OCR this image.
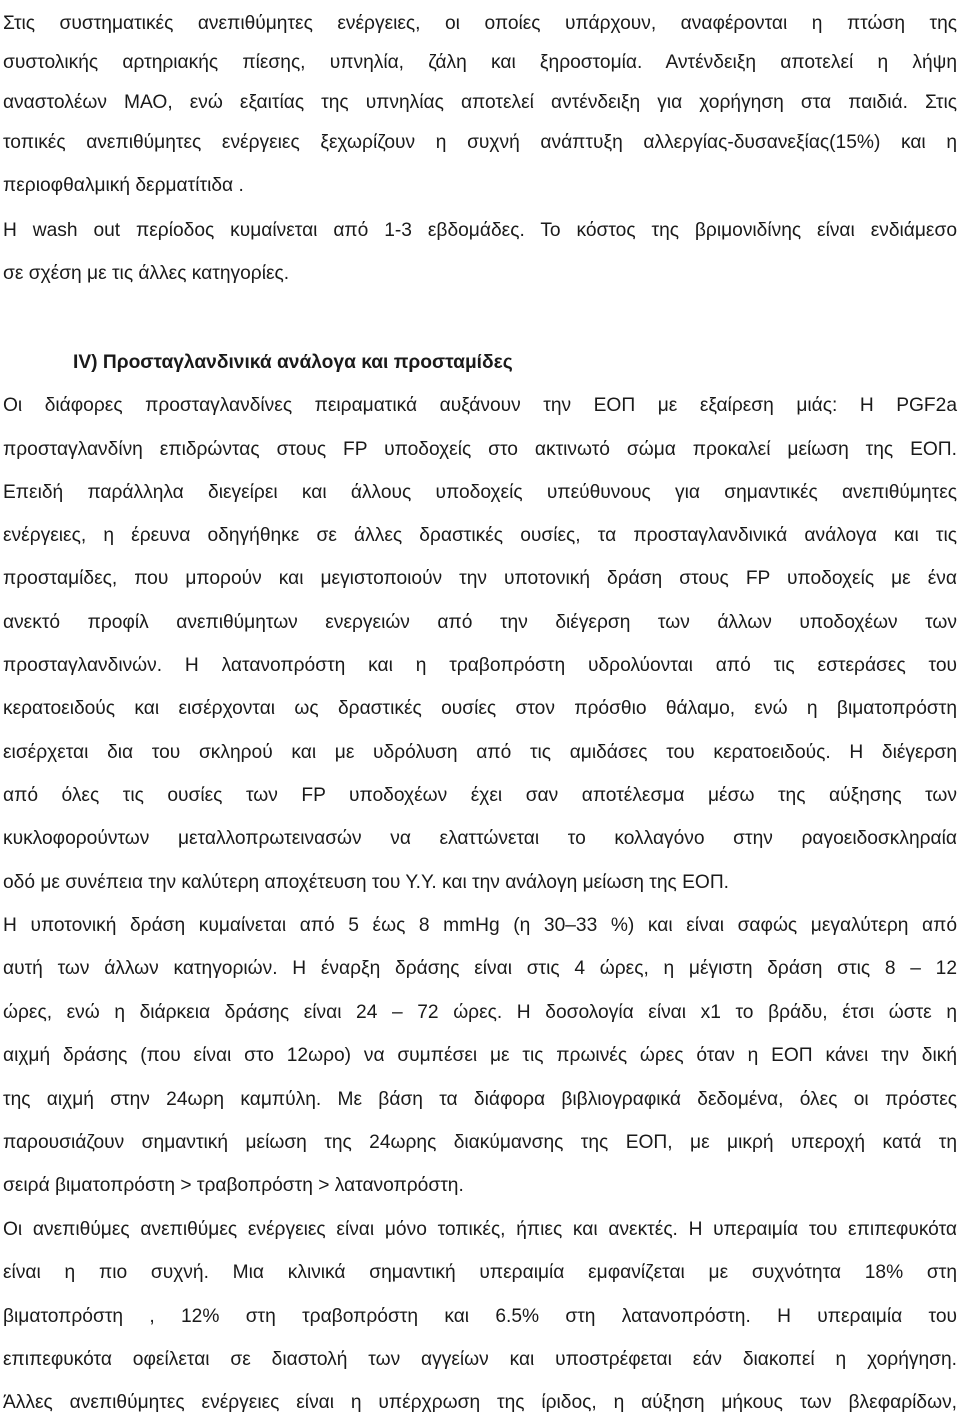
Στις συστηματικές ανεπιθύμητες ενέργειες, οι οποίες υπάρχουν, αναφέρονται η πτώση της
συστολικής αρτηριακής πίεσης, υπνηλία, ζάλη και ξηροστομία. Αντένδειξη αποτελεί η λήψη
αναστολέων ΜΑΟ, ενώ εξαιτίας της υπνηλίας αποτελεί αντένδειξη για χορήγηση στα παιδιά. Στις
τοπικές ανεπιθύμητες ενέργειες ξεχωρίζουν η συχνή ανάπτυξη αλλεργίας-δυσανεξίας(15%) και η
περιοφθαλμική δερματίτιδα .
Η wash out περίοδος κυμαίνεται από 1-3 εβδομάδες. Το κόστος της βριμονιδίνης είναι ενδιάμεσο
σε σχέση με τις άλλες κατηγορίες.
IV) Προσταγλανδινικά ανάλογα και προσταμίδες
Οι διάφορες προσταγλανδίνες πειραματικά αυξάνουν την ΕΟΠ με εξαίρεση μιάς: Η PGF2a
προσταγλανδίνη επιδρώντας στους FP υποδοχείς στο ακτινωτό σώμα προκαλεί μείωση της ΕΟΠ.
Επειδή παράλληλα διεγείρει και άλλους υποδοχείς υπεύθυνους για σημαντικές ανεπιθύμητες
ενέργειες, η έρευνα οδηγήθηκε σε άλλες δραστικές ουσίες, τα προσταγλανδινικά ανάλογα και τις
προσταμίδες, που μπορούν και μεγιστοποιούν την υποτονική δράση στους FP υποδοχείς με ένα
ανεκτό προφίλ ανεπιθύμητων ενεργειών από την διέγερση των άλλων υποδοχέων των
προσταγλανδινών. Η λατανοπρόστη και η τραβοπρόστη υδρολύονται από τις εστεράσες του
κερατοειδούς και εισέρχονται ως δραστικές ουσίες στον πρόσθιο θάλαμο, ενώ η βιματοπρόστη
εισέρχεται δια του σκληρού και με υδρόλυση από τις αμιδάσες του κερατοειδούς. Η διέγερση
από όλες τις ουσίες των FP υποδοχέων έχει σαν αποτέλεσμα μέσω της αύξησης των
κυκλοφορούντων μεταλλοπρωτεινασών να ελαττώνεται το κολλαγόνο στην ραγοειδοσκληραία
οδό με συνέπεια την καλύτερη αποχέτευση του Υ.Υ. και την ανάλογη μείωση της ΕΟΠ.
Η υποτονική δράση κυμαίνεται από 5 έως 8 mmHg (η 30–33 %) και είναι σαφώς μεγαλύτερη από
αυτή των άλλων κατηγοριών. Η έναρξη δράσης είναι στις 4 ώρες, η μέγιστη δράση στις 8 – 12
ώρες, ενώ η διάρκεια δράσης είναι 24 – 72 ώρες. Η δοσολογία είναι x1 το βράδυ, έτσι ώστε η
αιχμή δράσης (που είναι στο 12ωρο) να συμπέσει με τις πρωινές ώρες όταν η ΕΟΠ κάνει την δική
της αιχμή στην 24ωρη καμπύλη. Με βάση τα διάφορα βιβλιογραφικά δεδομένα, όλες οι πρόστες
παρουσιάζουν σημαντική μείωση της 24ωρης διακύμανσης της ΕΟΠ, με μικρή υπεροχή κατά τη
σειρά βιματοπρόστη > τραβοπρόστη > λατανοπρόστη.
Οι ανεπιθύμες ανεπιθύμες ενέργειες είναι μόνο τοπικές, ήπιες και ανεκτές. Η υπεραιμία του επιπεφυκότα
είναι η πιο συχνή. Μια κλινικά σημαντική υπεραιμία εμφανίζεται με συχνότητα 18% στη
βιματοπρόστη , 12% στη τραβοπρόστη και 6.5% στη λατανοπρόστη. Η υπεραιμία του
επιπεφυκότα οφείλεται σε διαστολή των αγγείων και υποστρέφεται εάν διακοπεί η χορήγηση.
Άλλες ανεπιθύμητες ενέργειες είναι η υπέρχρωση της ίριδος, η αύξηση μήκους των βλεφαρίδων,
